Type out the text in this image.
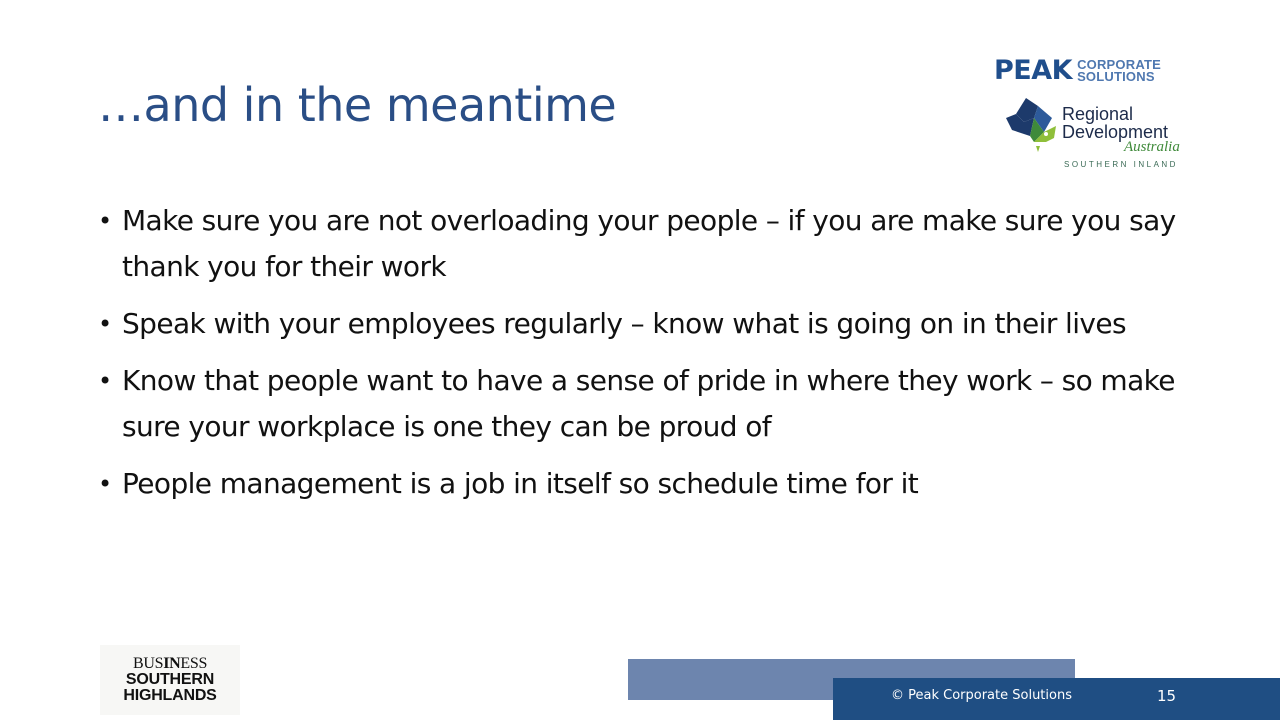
…and in the meantime
PEAK CORPORATE
SOLUTIONS
Regional
Development
Australia
SOUTHERN INLAND
• Make sure you are not overloading your people – if you are make sure you say thank you for their work
• Speak with your employees regularly – know what is going on in their lives
• Know that people want to have a sense of pride in where they work – so make sure your workplace is one they can be proud of
• People management is a job in itself so schedule time for it
BUSINESS
SOUTHERN
HIGHLANDS	© Peak Corporate Solutions	15
